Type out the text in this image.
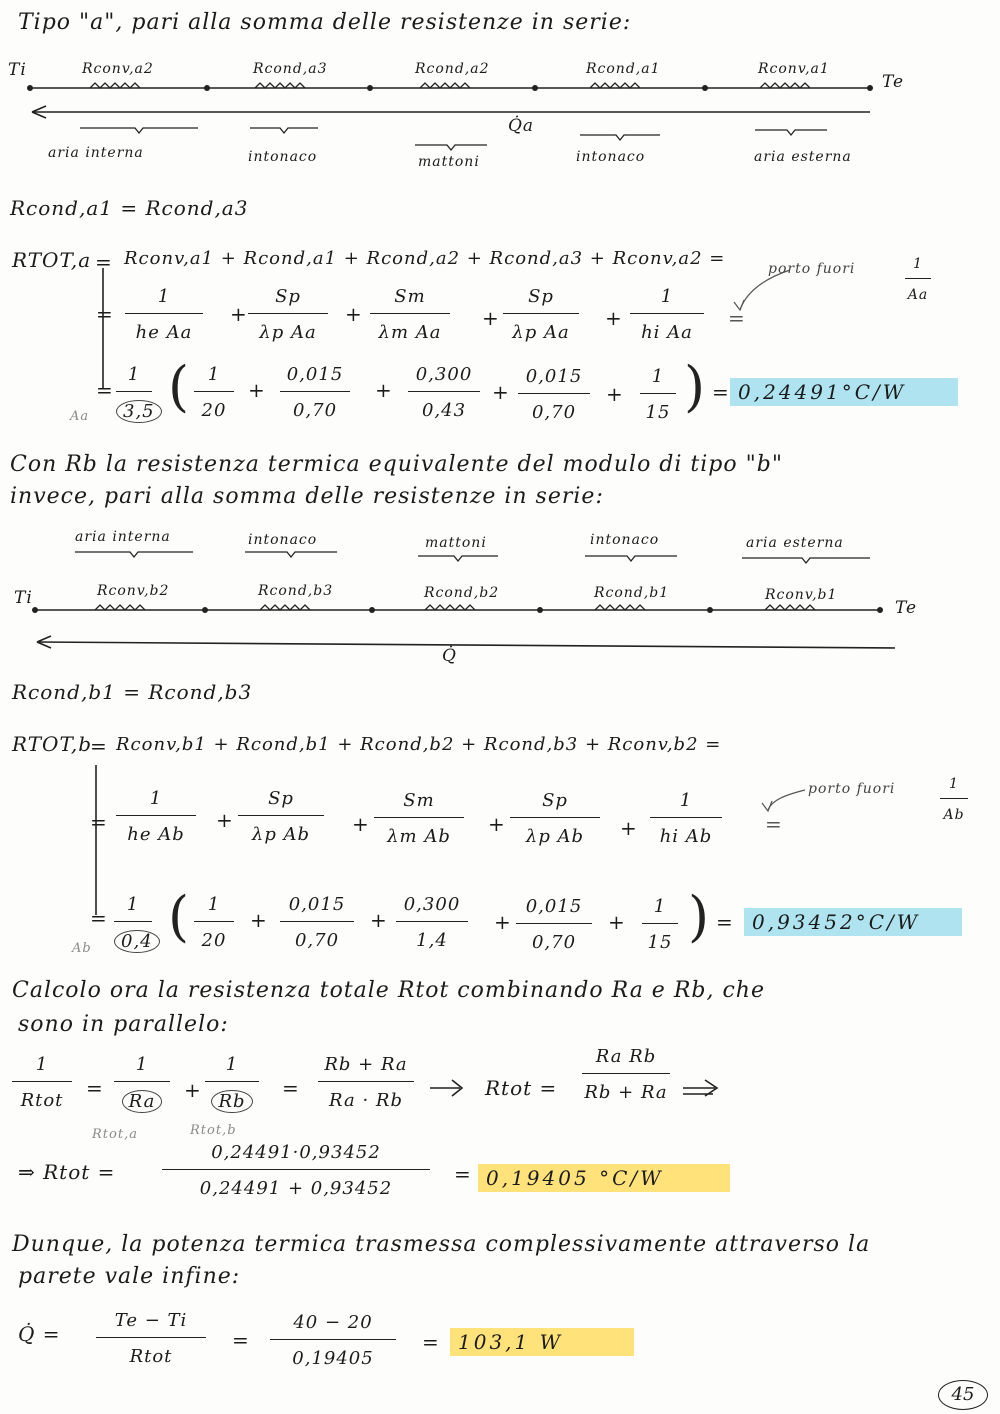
Tipo "a", pari alla somma delle resistenze in serie:
Ti
Te
Rconv,a2	Rcond,a3	Rcond,a2	Rcond,a1	Rconv,a1
Q̇a
aria interna	intonaco	mattoni	intonaco	aria esterna
Rcond,a1 = Rcond,a3
RTOT,a = Rconv,a1 + Rcond,a1 + Rcond,a2 + Rcond,a3 + Rconv,a2 =	porto fuori	1
Aa
=
1
he Aa
+
Sp
λp Aa
+
Sm
λm Aa
+
Sp
λp Aa
+
1
hi Aa
=
=
1
3,5
Aa (	1
20
+
0,015
0,70
+
0,300
0,43
+
0,015
0,70
+
1
15 ) = 0,24491°C/W
Con Rb la resistenza termica equivalente del modulo di tipo "b"
invece, pari alla somma delle resistenze in serie:
aria interna	intonaco	mattoni	intonaco	aria esterna
Ti	Te
Rconv,b2	Rcond,b3	Rcond,b2	Rcond,b1	Rconv,b1
Q̇
Rcond,b1 = Rcond,b3
RTOT,b
= Rconv,b1 + Rcond,b1 + Rcond,b2 + Rcond,b3 + Rconv,b2 =
porto fuori	1
Ab
=
1
he Ab
+
Sp
λp Ab	+
Sm
λm Ab
+
Sp
λp Ab	+
1
hi Ab
=
=
1
0,4
Ab
(	1
20
+
0,015
0,70
+
0,300
1,4
+
0,015
0,70
+
1
15 ) = 0,93452°C/W
Calcolo ora la resistenza totale Rtot combinando Ra e Rb, che
sono in parallelo:
1
Rtot
=
1
Ra
Rtot,a
+
1
Rb
Rtot,b
=
Rb + Ra
Ra · Rb
Rtot =
Ra Rb
Rb + Ra
⇒ Rtot =
0,24491·0,93452
0,24491 + 0,93452
= 0,19405 °C/W
Dunque, la potenza termica trasmessa complessivamente attraverso la
parete vale infine:
Q̇ =
Te − Ti
Rtot
=
40 − 20
0,19405
= 103,1 W
45
